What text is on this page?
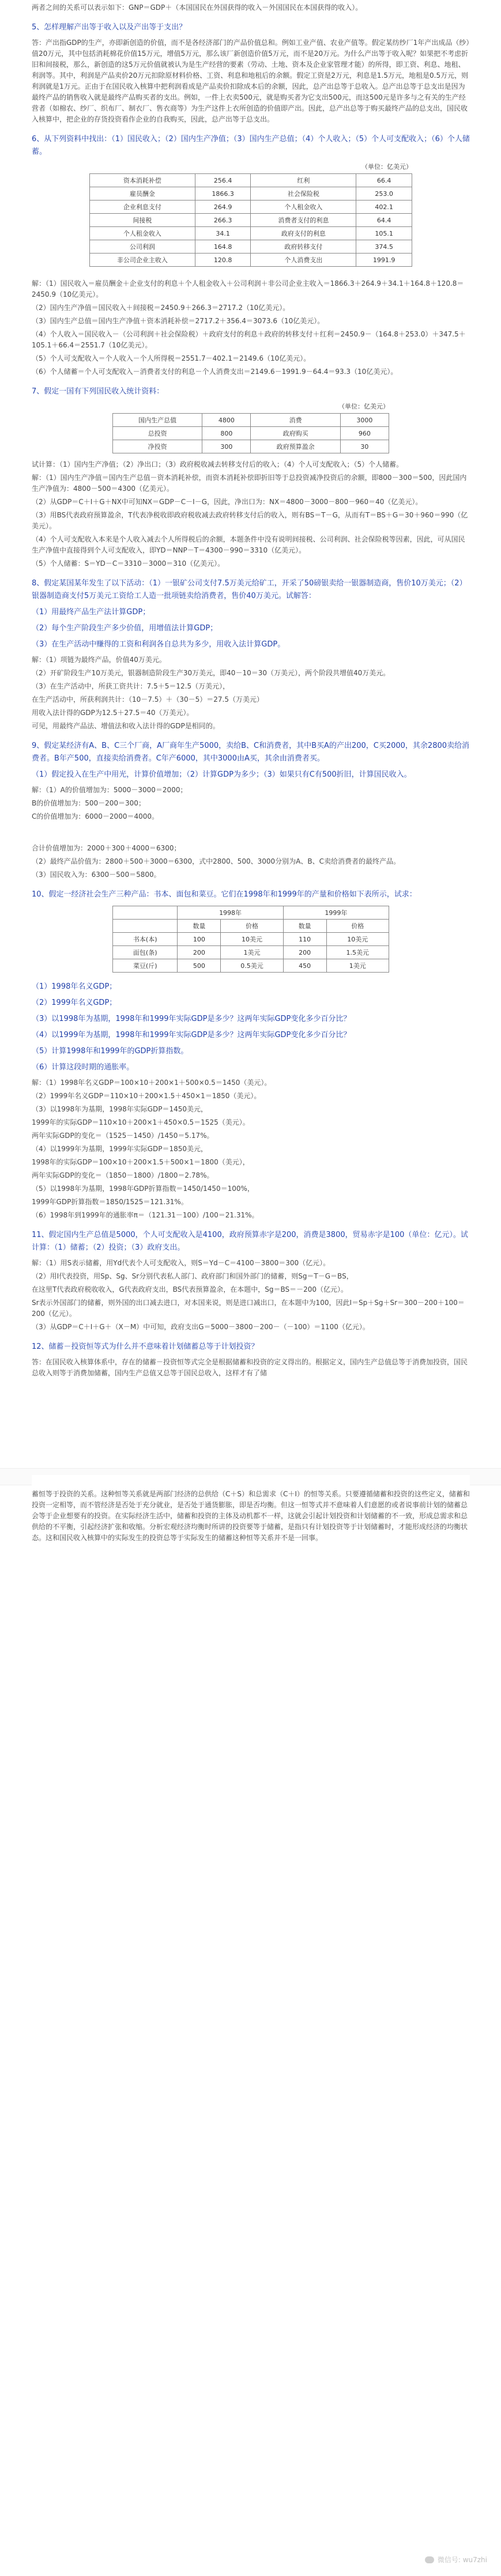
两者之间的关系可以表示如下：GNP＝GDP＋（本国国民在外国获得的收入－外国国民在本国获得的收入）。

5、怎样理解产出等于收入以及产出等于支出？

答：产出指GDP的生产，亦即新创造的价值，而不是各经济部门的产品价值总和。例如工业产值、农业产值等。假定某纺纱厂1年产出成品（纱）值20万元，其中包括消耗棉花价值15万元，增值5万元，那么该厂新创造价值5万元，而不是20万元。为什么产出等于收入呢？如果把不考虑折旧和间接税，那么，新创造的这5万元价值就被认为是生产经营的要素（劳动、土地、资本及企业家管理才能）的所得，即工资、利息、地租、利润等。其中，利润是产品卖价20万元扣除原材料价格、工资、利息和地租后的余额。假定工资是2万元，利息是1.5万元，地租是0.5万元，则利润就是1万元。正由于在国民收入核算中把利润看成是产品卖价扣除成本后的余额，因此，总产出总等于总收入。总产出总等于总支出是因为最终产品的销售收入就是最终产品购买者的支出。例如，一件上衣卖500元，就是购买者为它支出500元，而这500元是许多与之有关的生产经营者（如棉农、纱厂、织布厂、制衣厂、售衣商等）为生产这件上衣所创造的价值即产出。因此，总产出总等于购买最终产品的总支出，国民收入核算中，把企业的存货投资看作企业的自我购买，因此，总产出等于总支出。

6、从下列资料中找出：（1）国民收入；（2）国内生产净值；（3）国内生产总值；（4）个人收入；（5）个人可支配收入；（6）个人储蓄。

（单位：亿美元）
资本消耗补偿	256.4	红利	66.4
雇员酬金	1866.3	社会保险税	253.0
企业利息支付	264.9	个人租金收入	402.1
间接税	266.3	消费者支付的利息	64.4
个人租金收入	34.1	政府支付的利息	105.1
公司利润	164.8	政府转移支付	374.5
非公司企业主收入	120.8	个人消费支出	1991.9

解：（1）国民收入＝雇员酬金＋企业支付的利息＋个人租金收入＋公司利润＋非公司企业主收入＝1866.3＋264.9＋34.1＋164.8＋120.8＝2450.9（10亿美元）。

（2）国内生产净值＝国民收入＋间接税＝2450.9＋266.3＝2717.2（10亿美元）。

（3）国内生产总值＝国内生产净值＋资本消耗补偿＝2717.2＋356.4＝3073.6（10亿美元）。

（4）个人收入＝国民收入－（公司利润＋社会保险税）＋政府支付的利息＋政府的转移支付＋红利＝2450.9－（164.8＋253.0）＋347.5＋105.1＋66.4＝2551.7（10亿美元）。

（5）个人可支配收入＝个人收入－个人所得税＝2551.7－402.1＝2149.6（10亿美元）。

（6）个人储蓄＝个人可支配收入－消费者支付的利息－个人消费支出＝2149.6－1991.9－64.4＝93.3（10亿美元）。

7、假定一国有下列国民收入统计资料：

（单位：亿美元）
国内生产总值	4800	消费	3000
总投资	800	政府购买	960
净投资	300	政府预算盈余	30

试计算：（1）国内生产净值；（2）净出口；（3）政府税收减去转移支付后的收入；（4）个人可支配收入；（5）个人储蓄。

解：（1）国内生产净值＝国内生产总值－资本消耗补偿，而资本消耗补偿即折旧等于总投资减净投资后的余额，即800－300＝500，因此国内生产净值为：4800－500＝4300（亿美元）。

（2）从GDP＝C＋I＋G＋NX中可知NX＝GDP－C－I－G，因此，净出口为：NX＝4800－3000－800－960＝40（亿美元）。

（3）用BS代表政府预算盈余，T代表净税收即政府税收减去政府转移支付后的收入，则有BS＝T－G，从而有T＝BS＋G＝30＋960＝990（亿美元）。

（4）个人可支配收入本来是个人收入减去个人所得税后的余额，本题条件中没有说明间接税、公司利润、社会保险税等因素，因此，可从国民生产净值中直接得到个人可支配收入，即YD＝NNP－T＝4300－990＝3310（亿美元）。

（5）个人储蓄：S＝YD－C＝3310－3000＝310（亿美元）。

8、假定某国某年发生了以下活动：（1）一银矿公司支付7.5万美元给矿工，开采了50磅银卖给一银器制造商，售价10万美元；（2）银器制造商支付5万美元工资给工人造一批项链卖给消费者，售价40万美元。试解答：

（1）用最终产品生产法计算GDP；

（2）每个生产阶段生产多少价值，用增值法计算GDP；

（3）在生产活动中赚得的工资和利润各自总共为多少，用收入法计算GDP。

解：（1）项链为最终产品，价值40万美元。

（2）开矿阶段生产10万美元，银器制造阶段生产30万美元，即40－10＝30（万美元），两个阶段共增值40万美元。

（3）在生产活动中，所获工资共计：7.5＋5＝12.5（万美元），

在生产活动中，所获利润共计：（10－7.5）＋（30－5）＝27.5（万美元）

用收入法计得的GDP为12.5＋27.5＝40（万美元）。

可见，用最终产品法、增值法和收入法计得的GDP是相同的。

9、假定某经济有A、B、C三个厂商，A厂商年生产5000，卖给B、C和消费者，其中B买A的产出200，C买2000，其余2800卖给消费者。B年产500，直接卖给消费者。C年产6000，其中3000由A买，其余由消费者买。

（1）假定投入在生产中用光，计算价值增加；（2）计算GDP为多少；（3）如果只有C有500折旧，计算国民收入。

解：（1）A的价值增加为：5000－3000＝2000；

B的价值增加为：500－200＝300；

C的价值增加为：6000－2000＝4000。

合计价值增加为：2000＋300＋4000＝6300；

（2）最终产品价值为：2800＋500＋3000＝6300，式中2800、500、3000分别为A、B、C卖给消费者的最终产品。

（3）国民收入为：6300－500＝5800。

10、假定一经济社会生产三种产品：书本、面包和菜豆。它们在1998年和1999年的产量和价格如下表所示，试求：

	1998年		1999年	
	数量	价格	数量	价格
书本(本)	100	10美元	110	10美元
面包(条)	200	1美元	200	1.5美元
菜豆(斤)	500	0.5美元	450	1美元

（1）1998年名义GDP；

（2）1999年名义GDP；

（3）以1998年为基期，1998年和1999年实际GDP是多少？这两年实际GDP变化多少百分比？

（4）以1999年为基期，1998年和1999年实际GDP是多少？这两年实际GDP变化多少百分比？

（5）计算1998年和1999年的GDP折算指数。

（6）计算这段时期的通胀率。

解：（1）1998年名义GDP＝100×10＋200×1＋500×0.5＝1450（美元）。

（2）1999年名义GDP＝110×10＋200×1.5＋450×1＝1850（美元）。

（3）以1998年为基期，1998年实际GDP＝1450美元，

1999年的实际GDP＝110×10＋200×1＋450×0.5＝1525（美元）。

两年实际GDP的变化＝（1525－1450）/1450＝5.17%。

（4）以1999年为基期，1999年实际GDP＝1850美元，

1998年的实际GDP＝100×10＋200×1.5＋500×1＝1800（美元），

两年实际GDP的变化＝（1850－1800）/1800＝2.78%。

（5）以1998年为基期，1998年GDP折算指数＝1450/1450＝100%，

1999年GDP折算指数＝1850/1525＝121.31%。

（6）1998年到1999年的通胀率π＝（121.31－100）/100＝21.31%。

11、假定国内生产总值是5000，个人可支配收入是4100，政府预算赤字是200，消费是3800，贸易赤字是100（单位：亿元）。试计算：（1）储蓄；（2）投资；（3）政府支出。

解：（1）用S表示储蓄，用Yd代表个人可支配收入，则S＝Yd－C＝4100－3800＝300（亿元）。

（2）用I代表投资，用Sp、Sg、Sr分别代表私人部门、政府部门和国外部门的储蓄，则Sg＝T－G＝BS，

在这里T代表政府税收收入，G代表政府支出，BS代表预算盈余，在本题中，Sg＝BS＝－200（亿元）。

Sr表示外国部门的储蓄，则外国的出口减去进口，对本国来说，则是进口减出口，在本题中为100，因此I＝Sp＋Sg＋Sr＝300－200＋100＝200（亿元）。

（3）从GDP＝C＋I＋G＋（X－M）中可知，政府支出G＝5000－3800－200－（－100）＝1100（亿元）。

12、储蓄－投资恒等式为什么并不意味着计划储蓄总等于计划投资？

答：在国民收入核算体系中，存在的储蓄－投资恒等式完全是根据储蓄和投资的定义得出的。根据定义，国内生产总值总等于消费加投资，国民总收入则等于消费加储蓄，国内生产总值又总等于国民总收入，这样才有了储

蓄恒等于投资的关系。这种恒等关系就是两部门经济的总供给（C＋S）和总需求（C＋I）的恒等关系。只要遵循储蓄和投资的这些定义，储蓄和投资一定相等，而不管经济是否处于充分就业，是否处于通货膨胀，即是否均衡。但这一恒等式并不意味着人们意愿的或者说事前计划的储蓄总会等于企业想要有的投资。在实际经济生活中，储蓄和投资的主体及动机都不一样，这就会引起计划投资和计划储蓄的不一致，形成总需求和总供给的不平衡，引起经济扩张和收缩。分析宏观经济均衡时所讲的投资要等于储蓄，是指只有计划投资等于计划储蓄时，才能形成经济的均衡状态。这和国民收入核算中的实际发生的投资总等于实际发生的储蓄这种恒等关系并不是一回事。

微信号: wu7zhi
